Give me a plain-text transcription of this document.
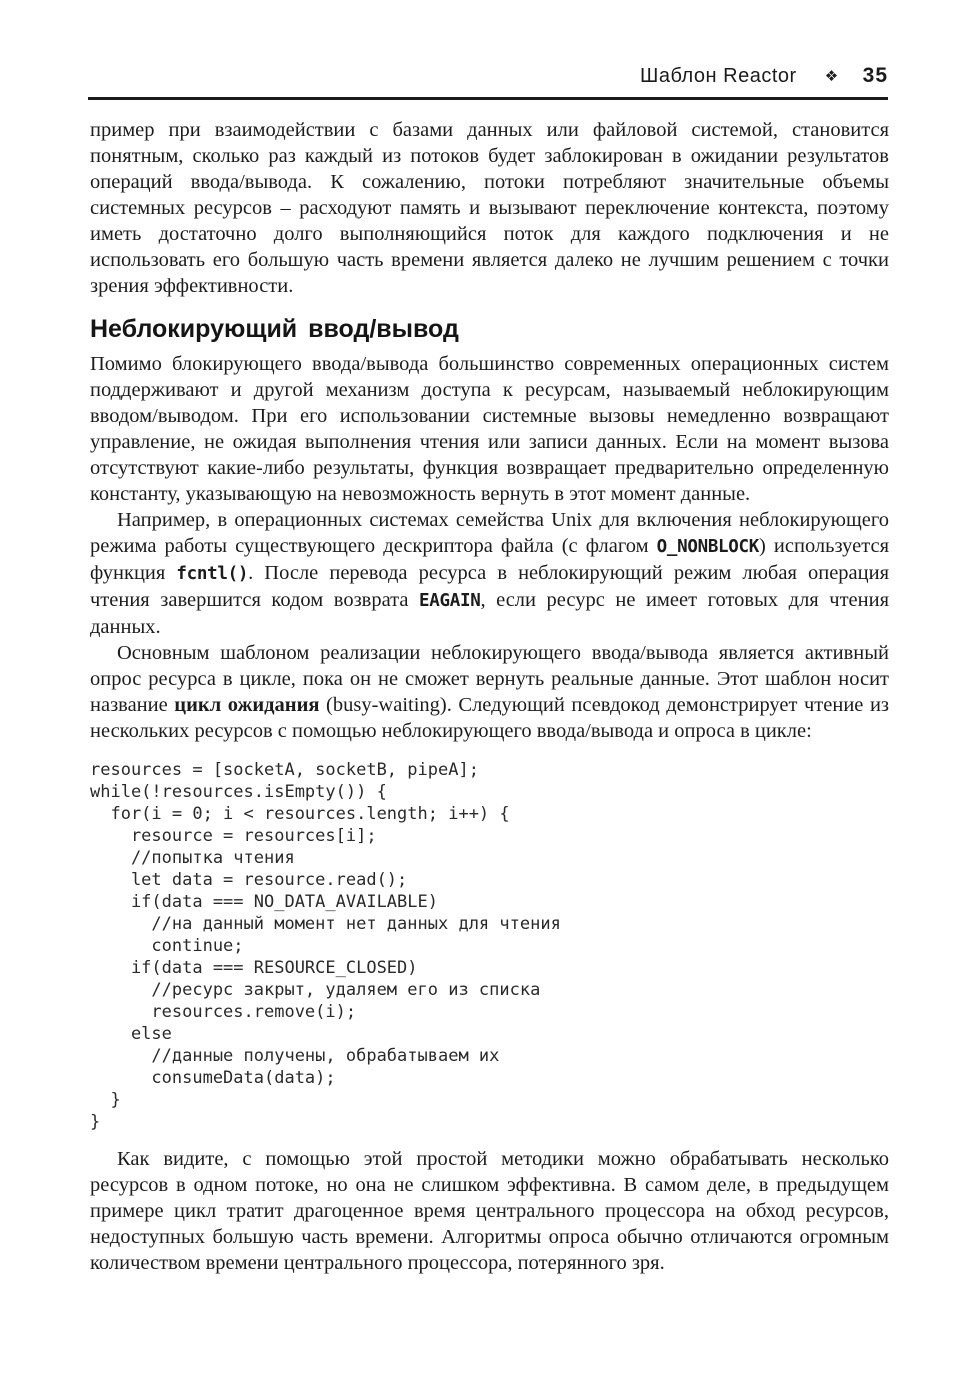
Шаблон Reactor ❖ 35

пример при взаимодействии с базами данных или файловой системой, становится понятным, сколько раз каждый из потоков будет заблокирован в ожидании результатов операций ввода/вывода. К сожалению, потоки потребляют значительные объемы системных ресурсов – расходуют память и вызывают переключение контекста, поэтому иметь достаточно долго выполняющийся поток для каждого подключения и не использовать его большую часть времени является далеко не лучшим решением с точки зрения эффективности.

Неблокирующий ввод/вывод

Помимо блокирующего ввода/вывода большинство современных операционных систем поддерживают и другой механизм доступа к ресурсам, называемый неблокирующим вводом/выводом. При его использовании системные вызовы немедленно возвращают управление, не ожидая выполнения чтения или записи данных. Если на момент вызова отсутствуют какие-либо результаты, функция возвращает предварительно определенную константу, указывающую на невозможность вернуть в этот момент данные.

Например, в операционных системах семейства Unix для включения неблокирующего режима работы существующего дескриптора файла (с флагом O_NONBLOCK) используется функция fcntl(). После перевода ресурса в неблокирующий режим любая операция чтения завершится кодом возврата EAGAIN, если ресурс не имеет готовых для чтения данных.

Основным шаблоном реализации неблокирующего ввода/вывода является активный опрос ресурса в цикле, пока он не сможет вернуть реальные данные. Этот шаблон носит название цикл ожидания (busy-waiting). Следующий псевдокод демонстрирует чтение из нескольких ресурсов с помощью неблокирующего ввода/вывода и опроса в цикле:

resources = [socketA, socketB, pipeA];
while(!resources.isEmpty()) {
for(i = 0; i < resources.length; i++) {
resource = resources[i];
//попытка чтения
let data = resource.read();
if(data === NO_DATA_AVAILABLE)
//на данный момент нет данных для чтения
continue;
if(data === RESOURCE_CLOSED)
//ресурс закрыт, удаляем его из списка
resources.remove(i);
else
//данные получены, обрабатываем их
consumeData(data);
}
}

Как видите, с помощью этой простой методики можно обрабатывать несколько ресурсов в одном потоке, но она не слишком эффективна. В самом деле, в предыдущем примере цикл тратит драгоценное время центрального процессора на обход ресурсов, недоступных большую часть времени. Алгоритмы опроса обычно отличаются огромным количеством времени центрального процессора, потерянного зря.
